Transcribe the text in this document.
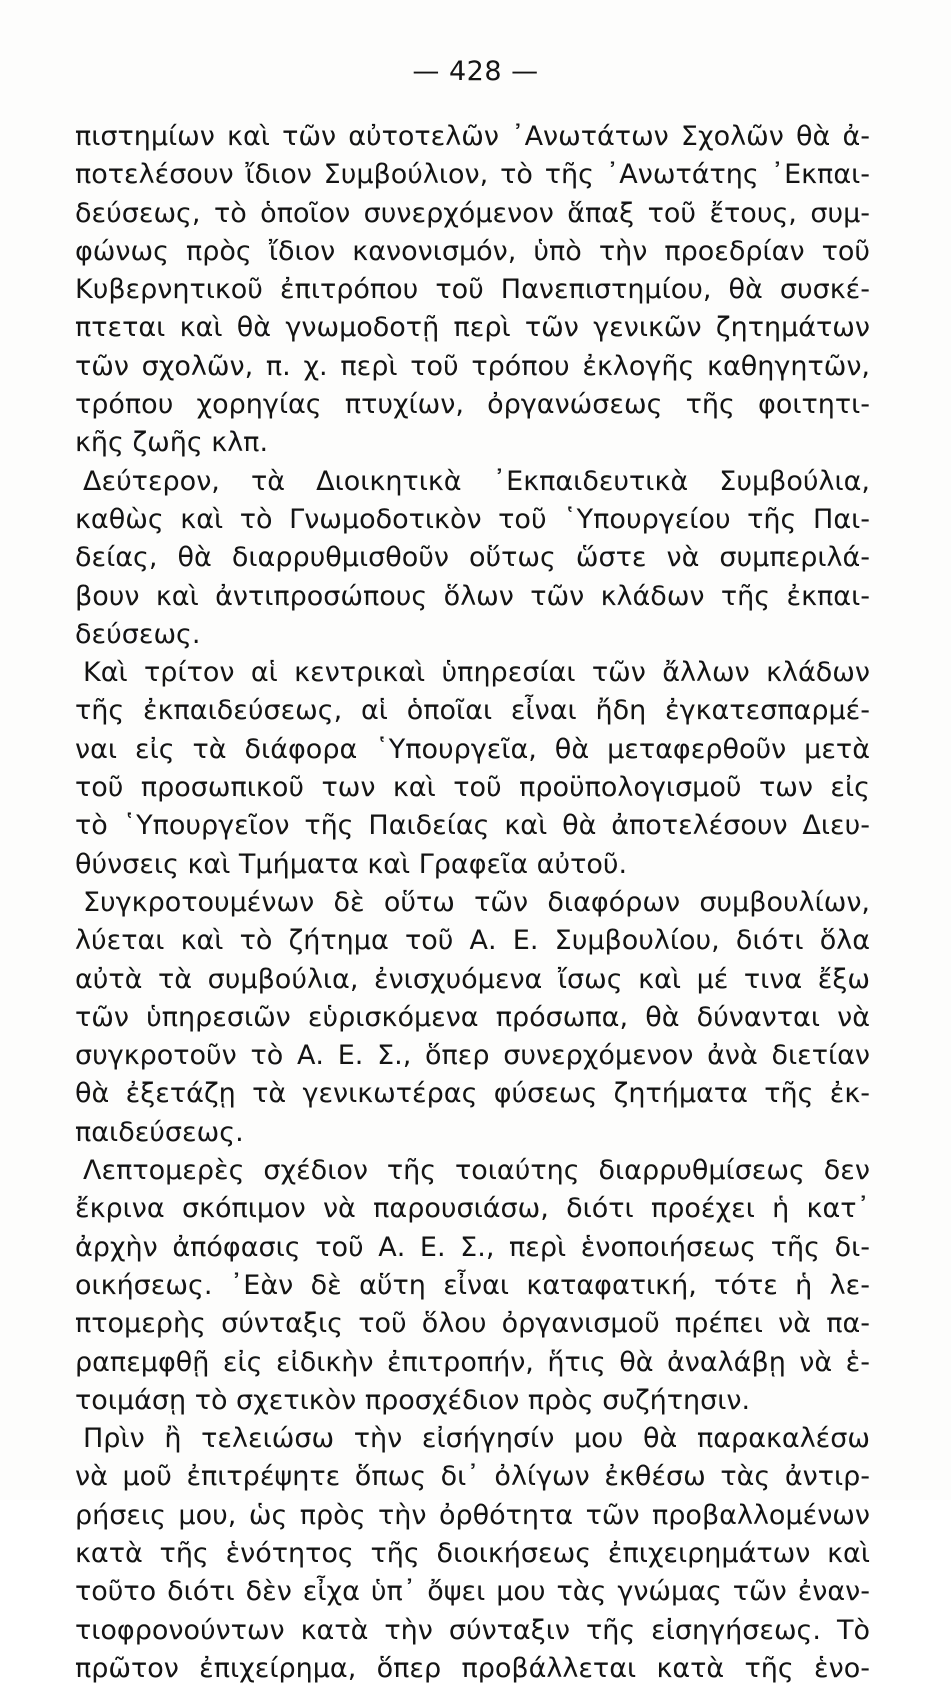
— 428 —
πιστημίων καὶ τῶν αὐτοτελῶν ᾿Ανωτάτων Σχολῶν θὰ ἀ-
ποτελέσουν ἴδιον Συμβούλιον, τὸ τῆς ᾿Ανωτάτης ᾿Εκπαι-
δεύσεως, τὸ ὁποῖον συνερχόμενον ἅπαξ τοῦ ἔτους, συμ-
φώνως πρὸς ἴδιον κανονισμόν, ὑπὸ τὴν προεδρίαν τοῦ
Κυβερνητικοῦ ἐπιτρόπου τοῦ Πανεπιστημίου, θὰ συσκέ-
πτεται καὶ θὰ γνωμοδοτῇ περὶ τῶν γενικῶν ζητημάτων
τῶν σχολῶν, π. χ. περὶ τοῦ τρόπου ἐκλογῆς καθηγητῶν,
τρόπου χορηγίας πτυχίων, ὀργανώσεως τῆς φοιτητι-
κῆς ζωῆς κλπ.
Δεύτερον, τὰ Διοικητικὰ ᾿Εκπαιδευτικὰ Συμβούλια,
καθὼς καὶ τὸ Γνωμοδοτικὸν τοῦ ῾Υπουργείου τῆς Παι-
δείας, θὰ διαρρυθμισθοῦν οὕτως ὥστε νὰ συμπεριλά-
βουν καὶ ἀντιπροσώπους ὅλων τῶν κλάδων τῆς ἐκπαι-
δεύσεως.
Καὶ τρίτον αἱ κεντρικαὶ ὑπηρεσίαι τῶν ἄλλων κλάδων
τῆς ἐκπαιδεύσεως, αἱ ὁποῖαι εἶναι ἤδη ἐγκατεσπαρμέ-
ναι εἰς τὰ διάφορα ῾Υπουργεῖα, θὰ μεταφερθοῦν μετὰ
τοῦ προσωπικοῦ των καὶ τοῦ προϋπολογισμοῦ των εἰς
τὸ ῾Υπουργεῖον τῆς Παιδείας καὶ θὰ ἀποτελέσουν Διευ-
θύνσεις καὶ Τμήματα καὶ Γραφεῖα αὐτοῦ.
Συγκροτουμένων δὲ οὕτω τῶν διαφόρων συμβουλίων,
λύεται καὶ τὸ ζήτημα τοῦ Α. Ε. Συμβουλίου, διότι ὅλα
αὐτὰ τὰ συμβούλια, ἐνισχυόμενα ἴσως καὶ μέ τινα ἔξω
τῶν ὑπηρεσιῶν εὑρισκόμενα πρόσωπα, θὰ δύνανται νὰ
συγκροτοῦν τὸ Α. Ε. Σ., ὅπερ συνερχόμενον ἀνὰ διετίαν
θὰ ἐξετάζῃ τὰ γενικωτέρας φύσεως ζητήματα τῆς ἐκ-
παιδεύσεως.
Λεπτομερὲς σχέδιον τῆς τοιαύτης διαρρυθμίσεως δεν
ἔκρινα σκόπιμον νὰ παρουσιάσω, διότι προέχει ἡ κατ᾿
ἀρχὴν ἀπόφασις τοῦ Α. Ε. Σ., περὶ ἑνοποιήσεως τῆς δι-
οικήσεως. ᾿Εὰν δὲ αὕτη εἶναι καταφατική, τότε ἡ λε-
πτομερὴς σύνταξις τοῦ ὅλου ὀργανισμοῦ πρέπει νὰ πα-
ραπεμφθῇ εἰς εἰδικὴν ἐπιτροπήν, ἥτις θὰ ἀναλάβῃ νὰ ἑ-
τοιμάσῃ τὸ σχετικὸν προσχέδιον πρὸς συζήτησιν.
Πρὶν ἢ τελειώσω τὴν εἰσήγησίν μου θὰ παρακαλέσω
νὰ μοῦ ἐπιτρέψητε ὅπως δι᾿ ὀλίγων ἐκθέσω τὰς ἀντιρ-
ρήσεις μου, ὡς πρὸς τὴν ὀρθότητα τῶν προβαλλομένων
κατὰ τῆς ἑνότητος τῆς διοικήσεως ἐπιχειρημάτων καὶ
τοῦτο διότι δὲν εἶχα ὑπ᾿ ὄψει μου τὰς γνώμας τῶν ἐναν-
τιοφρονούντων κατὰ τὴν σύνταξιν τῆς εἰσηγήσεως. Τὸ
πρῶτον ἐπιχείρημα, ὅπερ προβάλλεται κατὰ τῆς ἑνο-
